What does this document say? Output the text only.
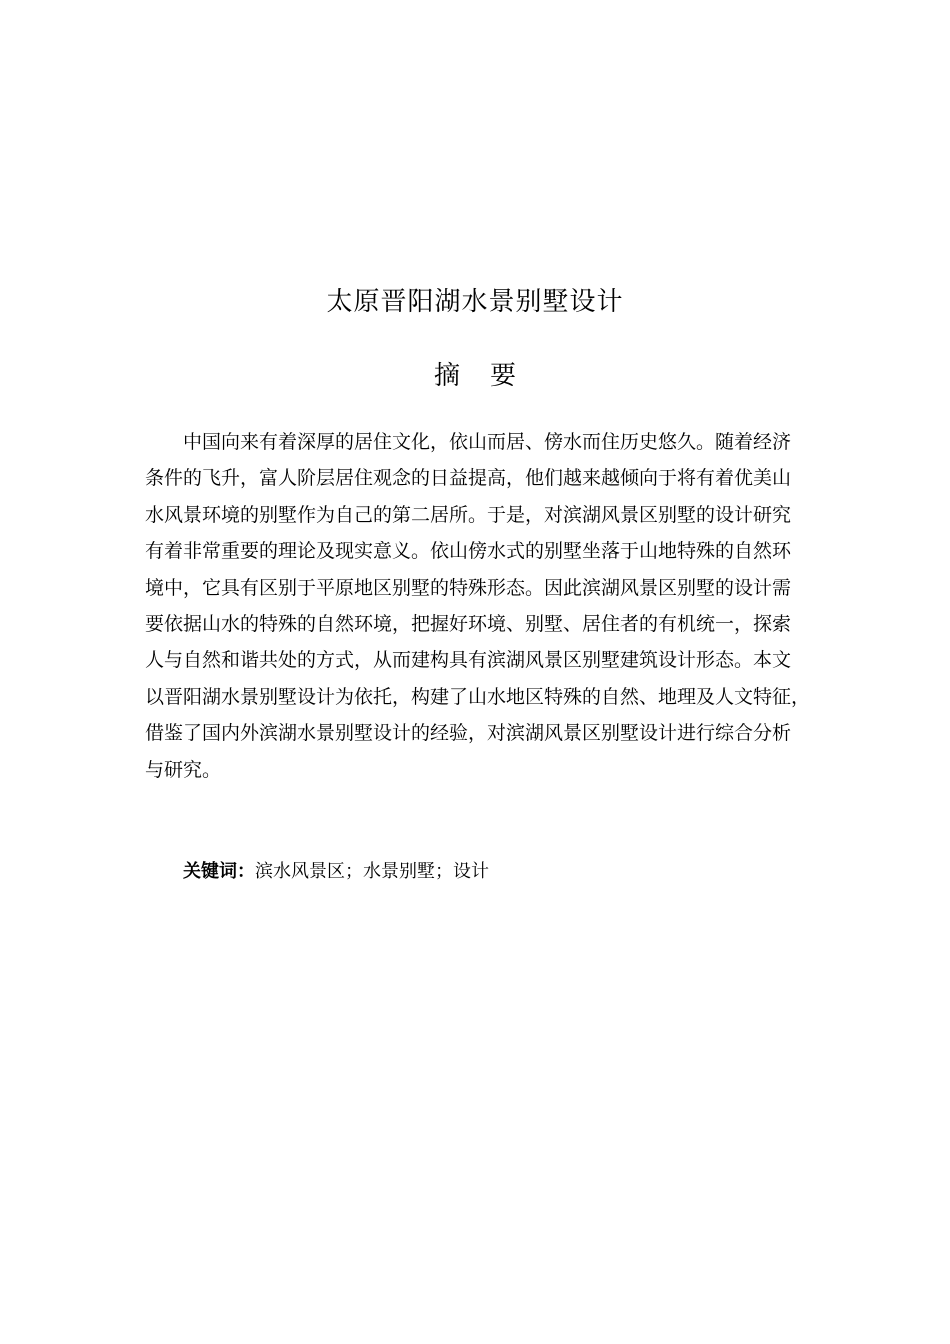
太原晋阳湖水景别墅设计
摘 要

中国向来有着深厚的居住文化，依山而居、傍水而住历史悠久。随着经济
条件的飞升，富人阶层居住观念的日益提高，他们越来越倾向于将有着优美山
水风景环境的别墅作为自己的第二居所。于是，对滨湖风景区别墅的设计研究
有着非常重要的理论及现实意义。依山傍水式的别墅坐落于山地特殊的自然环
境中，它具有区别于平原地区别墅的特殊形态。因此滨湖风景区别墅的设计需
要依据山水的特殊的自然环境，把握好环境、别墅、居住者的有机统一，探索
人与自然和谐共处的方式，从而建构具有滨湖风景区别墅建筑设计形态。本文
以晋阳湖水景别墅设计为依托，构建了山水地区特殊的自然、地理及人文特征，
借鉴了国内外滨湖水景别墅设计的经验，对滨湖风景区别墅设计进行综合分析
与研究。

关键词：滨水风景区；水景别墅；设计
